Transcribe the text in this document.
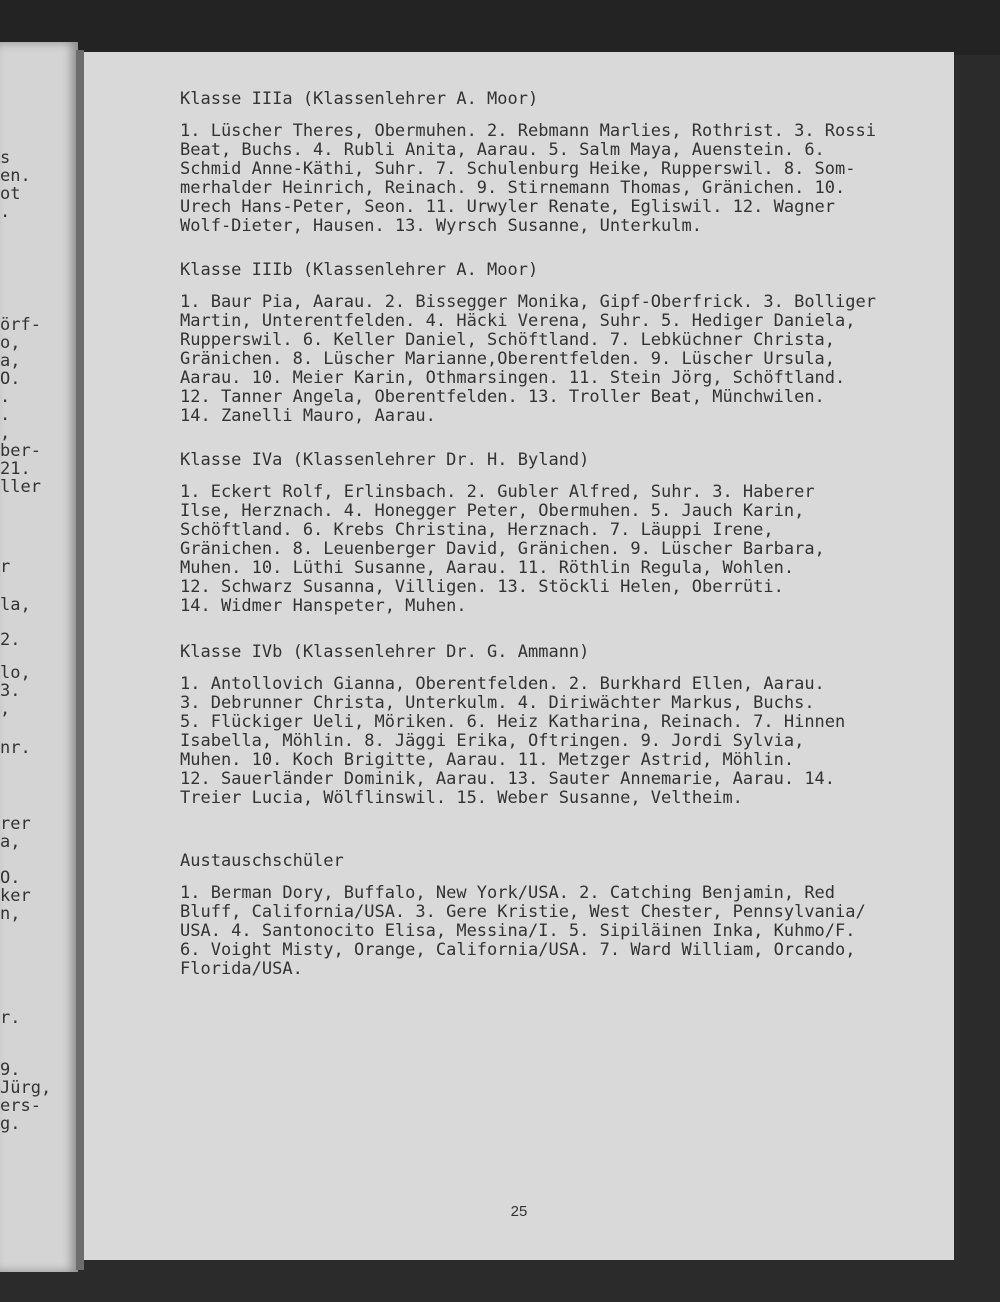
s

en.

ot

.

örf-

o,

a,

O.

.

.

,

ber-

21.

ller

r

la,

2.

lo,

3.

,

nr.

rer

a,

O.

ker

n,

r.

9.

Jürg,

ers-

g.

Klasse IIIa (Klassenlehrer A. Moor)

1. Lüscher Theres, Obermuhen. 2. Rebmann Marlies, Rothrist. 3. Rossi

Beat, Buchs. 4. Rubli Anita, Aarau. 5. Salm Maya, Auenstein. 6.

Schmid Anne-Käthi, Suhr. 7. Schulenburg Heike, Rupperswil. 8. Som-

merhalder Heinrich, Reinach. 9. Stirnemann Thomas, Gränichen. 10.

Urech Hans-Peter, Seon. 11. Urwyler Renate, Egliswil. 12. Wagner

Wolf-Dieter, Hausen. 13. Wyrsch Susanne, Unterkulm.

Klasse IIIb (Klassenlehrer A. Moor)

1. Baur Pia, Aarau. 2. Bissegger Monika, Gipf-Oberfrick. 3. Bolliger

Martin, Unterentfelden. 4. Häcki Verena, Suhr. 5. Hediger Daniela,

Rupperswil. 6. Keller Daniel, Schöftland. 7. Lebküchner Christa,

Gränichen. 8. Lüscher Marianne,Oberentfelden. 9. Lüscher Ursula,

Aarau. 10. Meier Karin, Othmarsingen. 11. Stein Jörg, Schöftland.

12. Tanner Angela, Oberentfelden. 13. Troller Beat, Münchwilen.

14. Zanelli Mauro, Aarau.

Klasse IVa (Klassenlehrer Dr. H. Byland)

1. Eckert Rolf, Erlinsbach. 2. Gubler Alfred, Suhr. 3. Haberer

Ilse, Herznach. 4. Honegger Peter, Obermuhen. 5. Jauch Karin,

Schöftland. 6. Krebs Christina, Herznach. 7. Läuppi Irene,

Gränichen. 8. Leuenberger David, Gränichen. 9. Lüscher Barbara,

Muhen. 10. Lüthi Susanne, Aarau. 11. Röthlin Regula, Wohlen.

12. Schwarz Susanna, Villigen. 13. Stöckli Helen, Oberrüti.

14. Widmer Hanspeter, Muhen.

Klasse IVb (Klassenlehrer Dr. G. Ammann)

1. Antollovich Gianna, Oberentfelden. 2. Burkhard Ellen, Aarau.

3. Debrunner Christa, Unterkulm. 4. Diriwächter Markus, Buchs.

5. Flückiger Ueli, Möriken. 6. Heiz Katharina, Reinach. 7. Hinnen

Isabella, Möhlin. 8. Jäggi Erika, Oftringen. 9. Jordi Sylvia,

Muhen. 10. Koch Brigitte, Aarau. 11. Metzger Astrid, Möhlin.

12. Sauerländer Dominik, Aarau. 13. Sauter Annemarie, Aarau. 14.

Treier Lucia, Wölflinswil. 15. Weber Susanne, Veltheim.

Austauschschüler

1. Berman Dory, Buffalo, New York/USA. 2. Catching Benjamin, Red

Bluff, California/USA. 3. Gere Kristie, West Chester, Pennsylvania/

USA. 4. Santonocito Elisa, Messina/I. 5. Sipiläinen Inka, Kuhmo/F.

6. Voight Misty, Orange, California/USA. 7. Ward William, Orcando,

Florida/USA.

25
